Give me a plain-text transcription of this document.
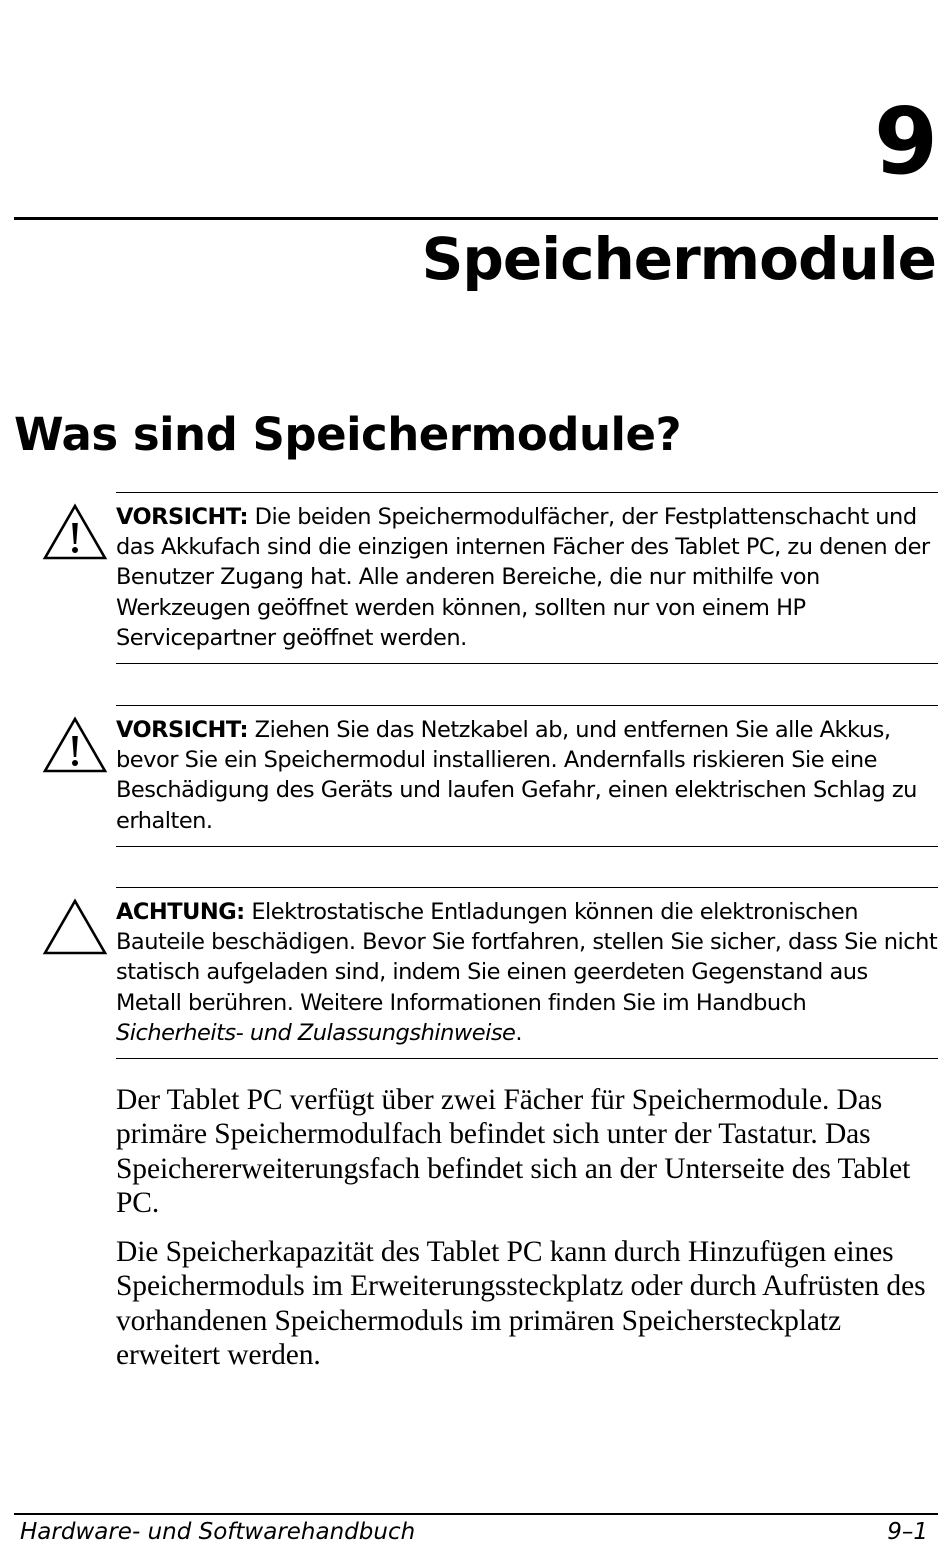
9
Speichermodule
Was sind Speichermodule?
VORSICHT: Die beiden Speichermodulfächer, der Festplattenschacht und das Akkufach sind die einzigen internen Fächer des Tablet PC, zu denen der Benutzer Zugang hat. Alle anderen Bereiche, die nur mithilfe von Werkzeugen geöffnet werden können, sollten nur von einem HP Servicepartner geöffnet werden.
VORSICHT: Ziehen Sie das Netzkabel ab, und entfernen Sie alle Akkus, bevor Sie ein Speichermodul installieren. Andernfalls riskieren Sie eine Beschädigung des Geräts und laufen Gefahr, einen elektrischen Schlag zu erhalten.
ACHTUNG: Elektrostatische Entladungen können die elektronischen Bauteile beschädigen. Bevor Sie fortfahren, stellen Sie sicher, dass Sie nicht statisch aufgeladen sind, indem Sie einen geerdeten Gegenstand aus Metall berühren. Weitere Informationen finden Sie im Handbuch Sicherheits- und Zulassungshinweise.

Der Tablet PC verfügt über zwei Fächer für Speichermodule. Das primäre Speichermodulfach befindet sich unter der Tastatur. Das Speichererweiterungsfach befindet sich an der Unterseite des Tablet PC.

Die Speicherkapazität des Tablet PC kann durch Hinzufügen eines Speichermoduls im Erweiterungssteckplatz oder durch Aufrüsten des vorhandenen Speichermoduls im primären Speichersteckplatz erweitert werden.

Hardware- und Softwarehandbuch	9–1
